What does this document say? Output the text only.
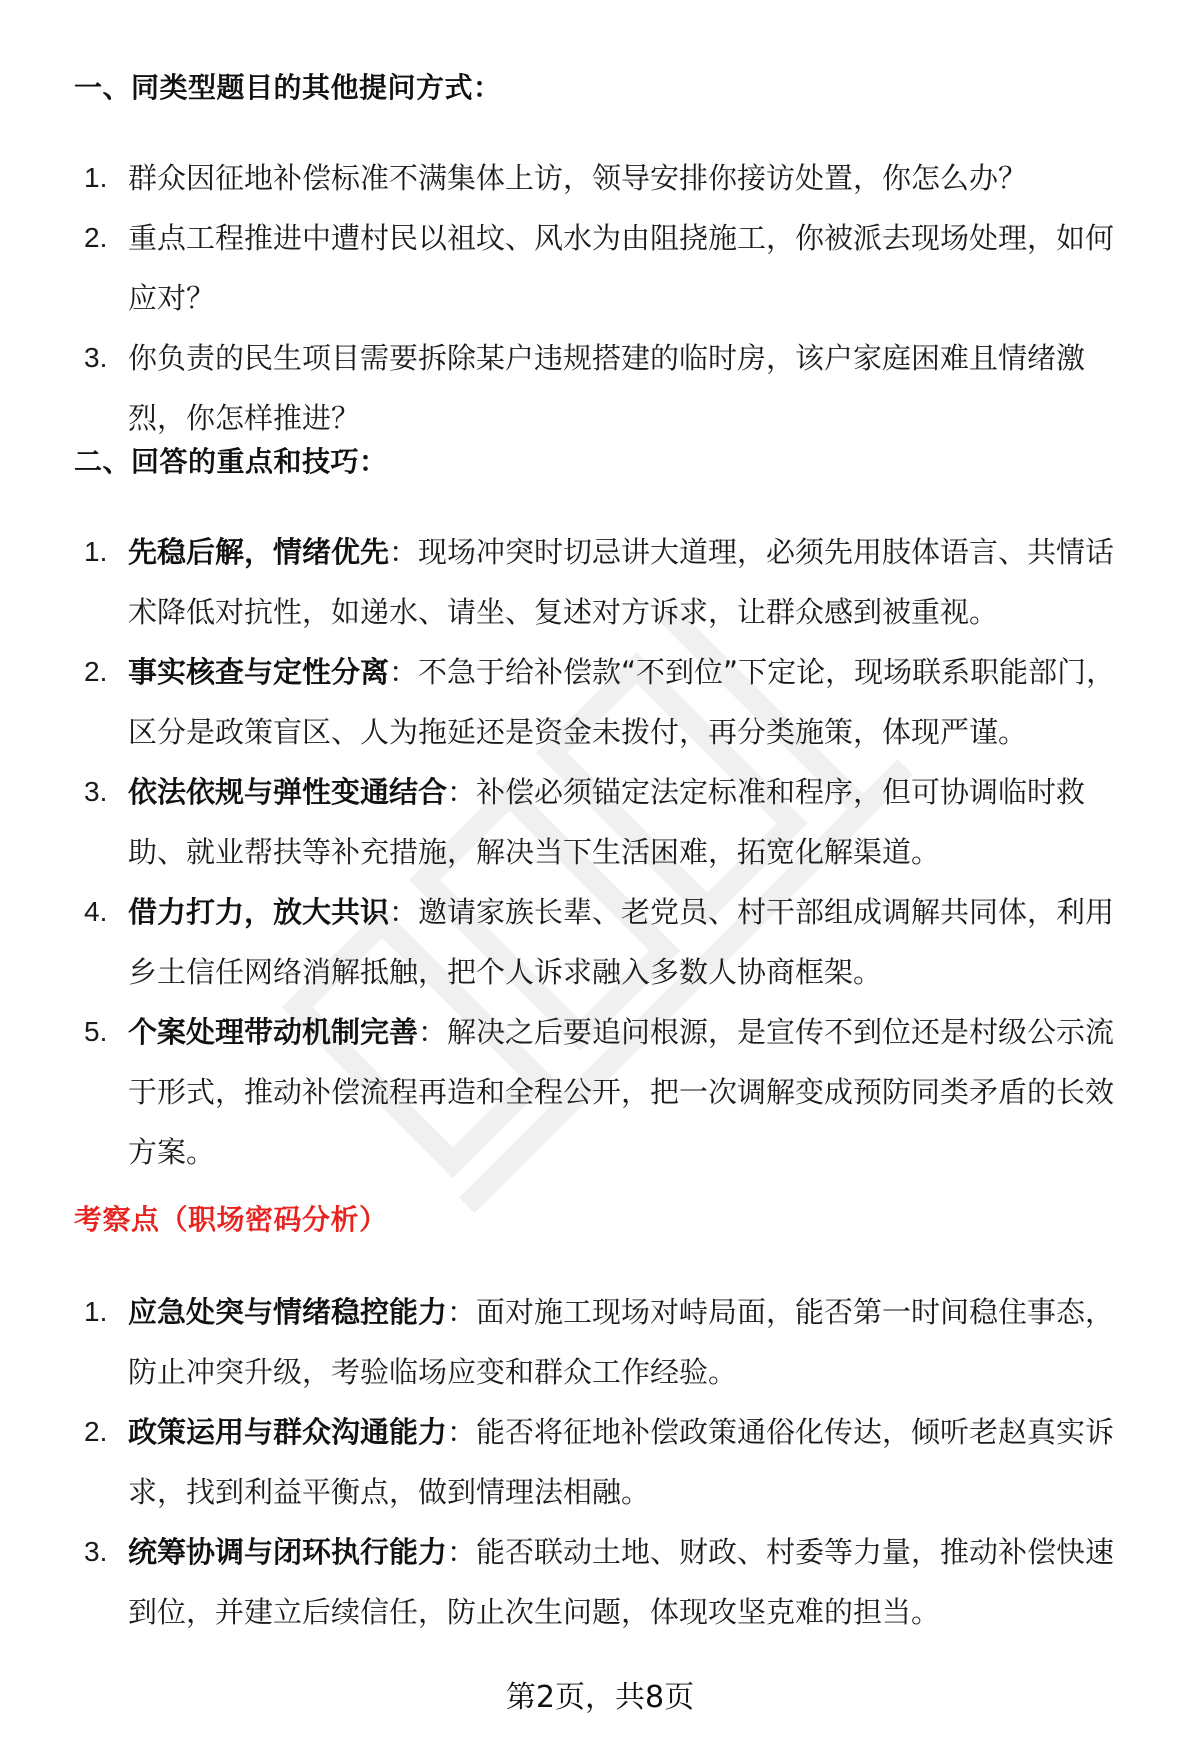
一、同类型题目的其他提问方式：
1. 群众因征地补偿标准不满集体上访，领导安排你接访处置，你怎么办？
2. 重点工程推进中遭村民以祖坟、风水为由阻挠施工，你被派去现场处理，如何应对？
3. 你负责的民生项目需要拆除某户违规搭建的临时房，该户家庭困难且情绪激烈，你怎样推进？
二、回答的重点和技巧：
1. 先稳后解，情绪优先：现场冲突时切忌讲大道理，必须先用肢体语言、共情话术降低对抗性，如递水、请坐、复述对方诉求，让群众感到被重视。
2. 事实核查与定性分离：不急于给补偿款“不到位”下定论，现场联系职能部门，区分是政策盲区、人为拖延还是资金未拨付，再分类施策，体现严谨。
3. 依法依规与弹性变通结合：补偿必须锚定法定标准和程序，但可协调临时救助、就业帮扶等补充措施，解决当下生活困难，拓宽化解渠道。
4. 借力打力，放大共识：邀请家族长辈、老党员、村干部组成调解共同体，利用乡土信任网络消解抵触，把个人诉求融入多数人协商框架。
5. 个案处理带动机制完善：解决之后要追问根源，是宣传不到位还是村级公示流于形式，推动补偿流程再造和全程公开，把一次调解变成预防同类矛盾的长效方案。
考察点（职场密码分析）
1. 应急处突与情绪稳控能力：面对施工现场对峙局面，能否第一时间稳住事态，防止冲突升级，考验临场应变和群众工作经验。
2. 政策运用与群众沟通能力：能否将征地补偿政策通俗化传达，倾听老赵真实诉求，找到利益平衡点，做到情理法相融。
3. 统筹协调与闭环执行能力：能否联动土地、财政、村委等力量，推动补偿快速到位，并建立后续信任，防止次生问题，体现攻坚克难的担当。
第2页，共8页
